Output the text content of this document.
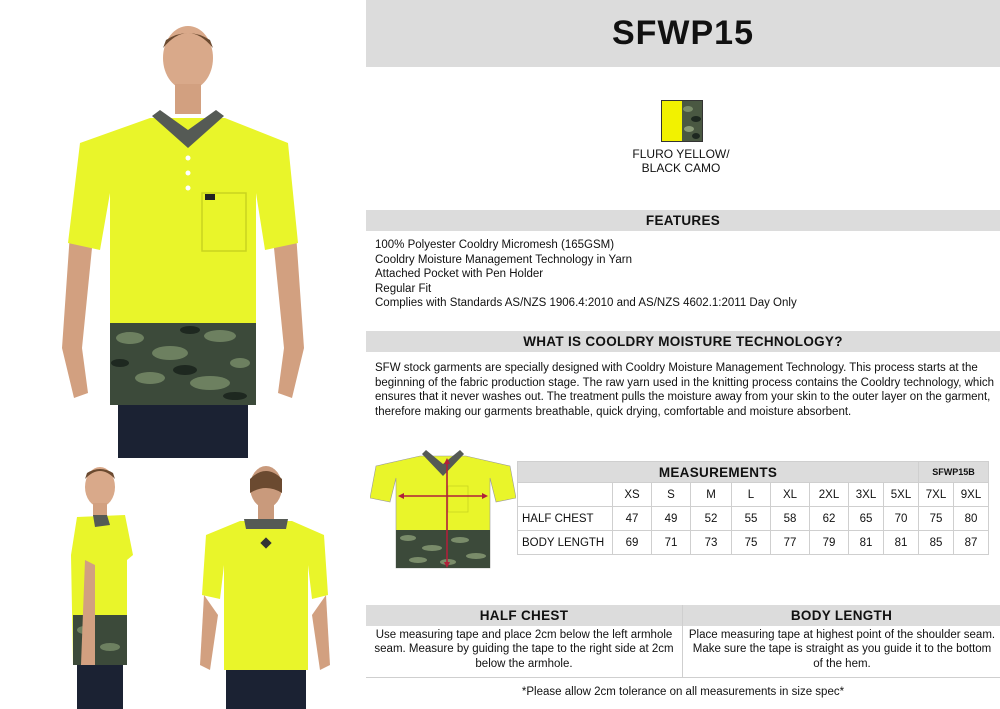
SFWP15
FLURO YELLOW/
BLACK CAMO
FEATURES
100% Polyester Cooldry Micromesh (165GSM)
Cooldry Moisture Management Technology in Yarn
Attached Pocket with Pen Holder
Regular Fit
Complies with Standards AS/NZS 1906.4:2010 and AS/NZS 4602.1:2011 Day Only
WHAT IS COOLDRY MOISTURE TECHNOLOGY?
SFW stock garments are specially designed with Cooldry Moisture Management Technology. This process starts at the beginning of the fabric production stage. The raw yarn used in the knitting process contains the Cooldry technology, which ensures that it never washes out. The treatment pulls the moisture away from your skin to the outer layer on the garment, therefore making our garments breathable, quick drying, comfortable and moisture absorbent.
MEASUREMENTS									SFWP15B	
	XS	S	M	L	XL	2XL	3XL	5XL	7XL	9XL
HALF CHEST	47	49	52	55	58	62	65	70	75	80
BODY LENGTH	69	71	73	75	77	79	81	81	85	87
HALF CHEST	BODY LENGTH
Use measuring tape and place 2cm below the left armhole seam. Measure by guiding the tape to the right side at 2cm below the armhole.
Place measuring tape at highest point of the shoulder seam. Make sure the tape is straight as you guide it to the bottom of the hem.
*Please allow 2cm tolerance on all measurements in size spec*
